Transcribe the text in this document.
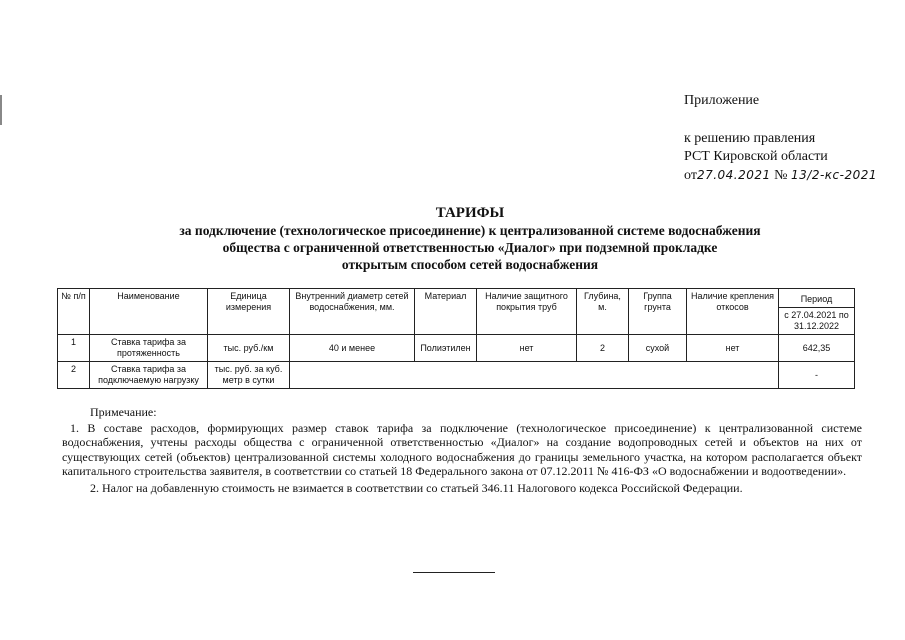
Приложение
к решению правления
РСТ Кировской области
от27.04.2021 № 13/2-кс-2021
ТАРИФЫ
за подключение (технологическое присоединение) к централизованной системе водоснабжения
общества с ограниченной ответственностью «Диалог» при подземной прокладке
открытым способом сетей водоснабжения
№ п/п	Наименование	Единица измерения	Внутренний диаметр сетей водоснабжения, мм.	Материал	Наличие защитного покрытия труб	Глубина, м.	Группа грунта	Наличие крепления откосов	Период
									с 27.04.2021 по 31.12.2022
1	Ставка тарифа за протяженность	тыс. руб./км	40 и менее	Полиэтилен	нет	2	сухой	нет	642,35
2	Ставка тарифа за подключаемую нагрузку	тыс. руб. за куб. метр в сутки							-
Примечание:
1. В составе расходов, формирующих размер ставок тарифа за подключение (технологическое присоединение) к централизованной системе водоснабжения, учтены расходы общества с ограниченной ответственностью «Диалог» на создание водопроводных сетей и объектов на них от существующих сетей (объектов) централизованной системы холодного водоснабжения до границы земельного участка, на котором располагается объект капитального строительства заявителя, в соответствии со статьей 18 Федерального закона от 07.12.2011 № 416-ФЗ «О водоснабжении и водоотведении».
2. Налог на добавленную стоимость не взимается в соответствии со статьей 346.11 Налогового кодекса Российской Федерации.
